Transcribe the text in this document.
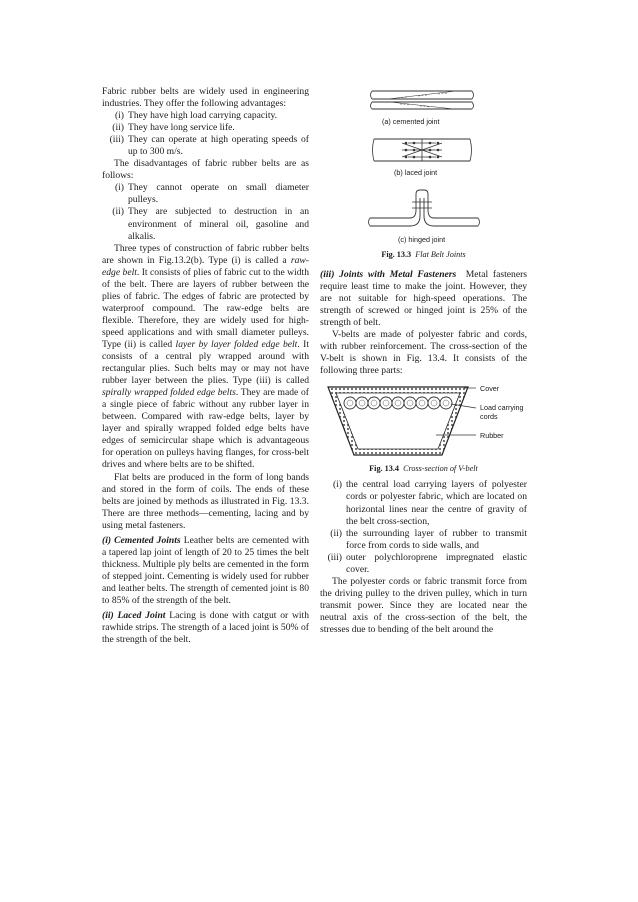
Fabric rubber belts are widely used in engineering industries. They offer the following advantages:

(i) They have high load carrying capacity.
(ii) They have long service life.
(iii) They can operate at high operating speeds of up to 300 m/s.

The disadvantages of fabric rubber belts are as follows:

(i) They cannot operate on small diameter pulleys.
(ii) They are subjected to destruction in an environment of mineral oil, gasoline and alkalis.

Three types of construction of fabric rubber belts are shown in Fig.13.2(b). Type (i) is called a raw-edge belt. It consists of plies of fabric cut to the width of the belt. There are layers of rubber between the plies of fabric. The edges of fabric are protected by waterproof compound. The raw-edge belts are flexible. Therefore, they are widely used for high-speed applications and with small diameter pulleys. Type (ii) is called layer by layer folded edge belt. It consists of a central ply wrapped around with rectangular plies. Such belts may or may not have rubber layer between the plies. Type (iii) is called spirally wrapped folded edge belts. They are made of a single piece of fabric without any rubber layer in between. Compared with raw-edge belts, layer by layer and spirally wrapped folded edge belts have edges of semicircular shape which is advantageous for operation on pulleys having flanges, for cross-belt drives and where belts are to be shifted.

Flat belts are produced in the form of long bands and stored in the form of coils. The ends of these belts are joined by methods as illustrated in Fig. 13.3. There are three methods—cementing, lacing and by using metal fasteners.

(i) Cemented Joints Leather belts are cemented with a tapered lap joint of length of 20 to 25 times the belt thickness. Multiple ply belts are cemented in the form of stepped joint. Cementing is widely used for rubber and leather belts. The strength of cemented joint is 80 to 85% of the strength of the belt.

(ii) Laced Joint Lacing is done with catgut or with rawhide strips. The strength of a laced joint is 50% of the strength of the belt.

(a) cemented joint
(b) laced joint
(c) hinged joint
Fig. 13.3 Flat Belt Joints

(iii) Joints with Metal Fasteners Metal fasteners require least time to make the joint. However, they are not suitable for high-speed operations. The strength of screwed or hinged joint is 25% of the strength of belt.

V-belts are made of polyester fabric and cords, with rubber reinforcement. The cross-section of the V-belt is shown in Fig. 13.4. It consists of the following three parts:

Cover
Load carrying cords
Rubber
Fig. 13.4 Cross-section of V-belt
(i) the central load carrying layers of polyester cords or polyester fabric, which are located on horizontal lines near the centre of gravity of the belt cross-section,
(ii) the surrounding layer of rubber to transmit force from cords to side walls, and
(iii) outer polychloroprene impregnated elastic cover.

The polyester cords or fabric transmit force from the driving pulley to the driven pulley, which in turn transmit power. Since they are located near the neutral axis of the cross-section of the belt, the stresses due to bending of the belt around the
